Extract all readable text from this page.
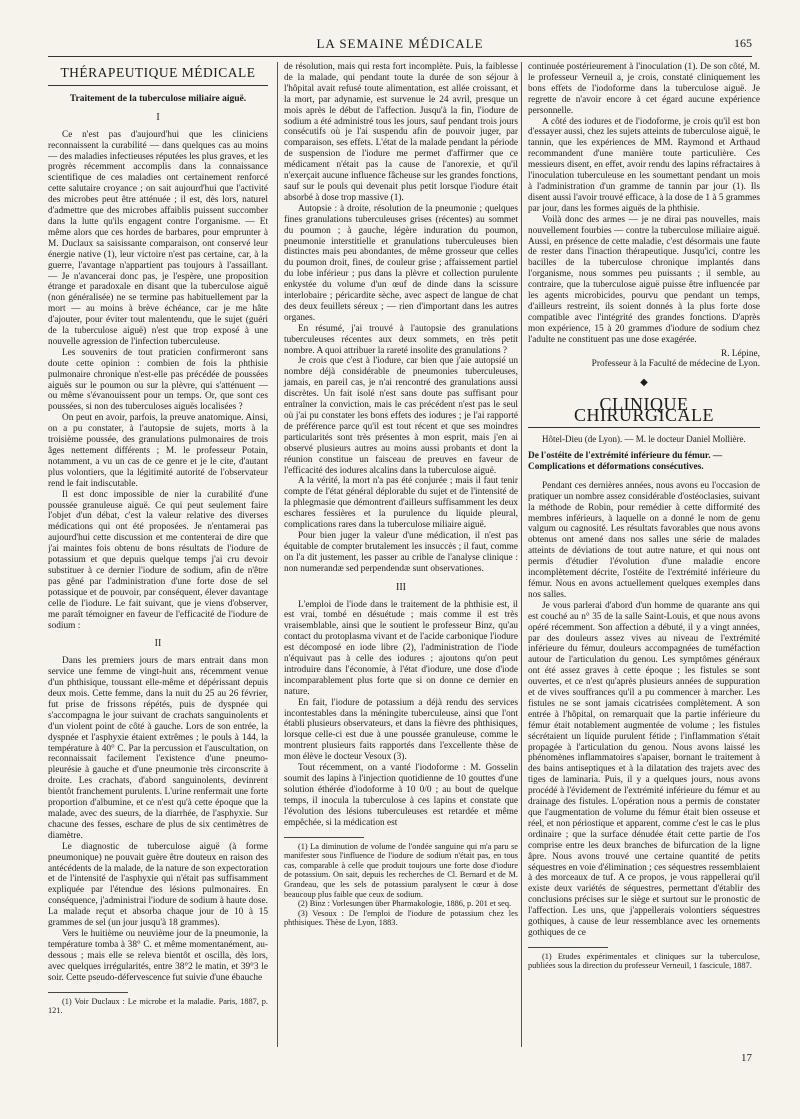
LA SEMAINE MÉDICALE	165
THÉRAPEUTIQUE MÉDICALE
Traitement de la tuberculose miliaire aiguë.
I

Ce n'est pas d'aujourd'hui que les cliniciens reconnaissent la curabilité — dans quelques cas au moins — des maladies infectieuses réputées les plus graves, et les progrès récemment accomplis dans la connaissance scientifique de ces maladies ont certainement renforcé cette salutaire croyance ; on sait aujourd'hui que l'activité des microbes peut être atténuée ; il est, dès lors, naturel d'admettre que des microbes affaiblis puissent succomber dans la lutte qu'ils engagent contre l'organisme. — Et même alors que ces hordes de barbares, pour emprunter à M. Duclaux sa saisissante comparaison, ont conservé leur énergie native (1), leur victoire n'est pas certaine, car, à la guerre, l'avantage n'appartient pas toujours à l'assaillant. — Je n'avancerai donc pas, je l'espère, une proposition étrange et paradoxale en disant que la tuberculose aiguë (non généralisée) ne se termine pas habituellement par la mort — au moins à brève échéance, car je me hâte d'ajouter, pour éviter tout malentendu, que le sujet (guéri de la tuberculose aiguë) n'est que trop exposé à une nouvelle agression de l'infection tuberculeuse.

Les souvenirs de tout praticien confirmeront sans doute cette opinion : combien de fois la phthisie pulmonaire chronique n'est-elle pas précédée de poussées aiguës sur le poumon ou sur la plèvre, qui s'atténuent — ou même s'évanouissent pour un temps. Or, que sont ces poussées, si non des tuberculoses aiguës localisées ?

On peut en avoir, parfois, la preuve anatomique. Ainsi, on a pu constater, à l'autopsie de sujets, morts à la troisième poussée, des granulations pulmonaires de trois âges nettement différents ; M. le professeur Potain, notamment, a vu un cas de ce genre et je le cite, d'autant plus volontiers, que la légitimité autorité de l'observateur rend le fait indiscutable.

Il est donc impossible de nier la curabilité d'une poussée granuleuse aiguë. Ce qui peut seulement faire l'objet d'un débat, c'est la valeur relative des diverses médications qui ont été proposées. Je n'entamerai pas aujourd'hui cette discussion et me contenterai de dire que j'ai maintes fois obtenu de bons résultats de l'iodure de potassium et que depuis quelque temps j'ai cru devoir substituer à ce dernier l'iodure de sodium, afin de n'être pas gêné par l'administration d'une forte dose de sel potassique et de pouvoir, par conséquent, élever davantage celle de l'iodure. Le fait suivant, que je viens d'observer, me paraît témoigner en faveur de l'efficacité de l'iodure de sodium :

II

Dans les premiers jours de mars entrait dans mon service une femme de vingt-huit ans, récemment venue d'un phthisique, toussant elle-même et dépérissant depuis deux mois. Cette femme, dans la nuit du 25 au 26 février, fut prise de frissons répétés, puis de dyspnée qui s'accompagna le jour suivant de crachats sanguinolents et d'un violent point de côté à gauche. Lors de son entrée, la dyspnée et l'asphyxie étaient extrêmes ; le pouls à 144, la température à 40° C. Par la percussion et l'auscultation, on reconnaissait facilement l'existence d'une pneumo-pleurésie à gauche et d'une pneumonie très circonscrite à droite. Les crachats, d'abord sanguinolents, devinrent bientôt franchement purulents. L'urine renfermait une forte proportion d'albumine, et ce n'est qu'à cette époque que la malade, avec des sueurs, de la diarrhée, de l'asphyxie. Sur chacune des fesses, eschare de plus de six centimètres de diamètre.

Le diagnostic de tuberculose aiguë (à forme pneumonique) ne pouvait guère être douteux en raison des antécédents de la malade, de la nature de son expectoration et de l'intensité de l'asphyxie qui n'était pas suffisamment expliquée par l'étendue des lésions pulmonaires. En conséquence, j'administrai l'iodure de sodium à haute dose. La malade reçut et absorba chaque jour de 10 à 15 grammes de sel (un jour jusqu'à 18 grammes).

Vers le huitième ou neuvième jour de la pneumonie, la température tomba à 38° C. et même momentanément, au-dessous ; mais elle se releva bientôt et oscilla, dès lors, avec quelques irrégularités, entre 38°2 le matin, et 39°3 le soir. Cette pseudo-défervescence fut suivie d'une ébauche

(1) Voir Duclaux : Le microbe et la maladie. Paris, 1887, p. 121.

de résolution, mais qui resta fort incomplète. Puis, la faiblesse de la malade, qui pendant toute la durée de son séjour à l'hôpital avait refusé toute alimentation, est allée croissant, et la mort, par adynamie, est survenue le 24 avril, presque un mois après le début de l'affection. Jusqu'à la fin, l'iodure de sodium a été administré tous les jours, sauf pendant trois jours consécutifs où je l'ai suspendu afin de pouvoir juger, par comparaison, ses effets. L'état de la malade pendant la période de suspension de l'iodure me permet d'affirmer que ce médicament n'était pas la cause de l'anorexie, et qu'il n'exerçait aucune influence fâcheuse sur les grandes fonctions, sauf sur le pouls qui devenait plus petit lorsque l'iodure était absorbé à dose trop massive (1).

Autopsie : à droite, résolution de la pneumonie ; quelques fines granulations tuberculeuses grises (récentes) au sommet du poumon ; à gauche, légère induration du poumon, pneumonie interstitielle et granulations tuberculeuses bien distinctes mais peu abondantes, de même grosseur que celles du poumon droit, fines, de couleur grise ; affaissement partiel du lobe inférieur ; pus dans la plèvre et collection purulente enkystée du volume d'un œuf de dinde dans la scissure interlobaire ; péricardite sèche, avec aspect de langue de chat des deux feuillets séreux ; — rien d'important dans les autres organes.

En résumé, j'ai trouvé à l'autopsie des granulations tuberculeuses récentes aux deux sommets, en très petit nombre. A quoi attribuer la rareté insolite des granulations ?

Je crois que c'est à l'iodure, car bien que j'aie autopsié un nombre déjà considérable de pneumonies tuberculeuses, jamais, en pareil cas, je n'ai rencontré des granulations aussi discrètes. Un fait isolé n'est sans doute pas suffisant pour entraîner la conviction, mais le cas précédent n'est pas le seul où j'ai pu constater les bons effets des iodures ; je l'ai rapporté de préférence parce qu'il est tout récent et que ses moindres particularités sont très présentes à mon esprit, mais j'en ai observé plusieurs autres au moins aussi probants et dont la réunion constitue un faisceau de preuves en faveur de l'efficacité des iodures alcalins dans la tuberculose aiguë.

A la vérité, la mort n'a pas été conjurée ; mais il faut tenir compte de l'état général déplorable du sujet et de l'intensité de la phlegmasie que démontrent d'ailleurs suffisamment les deux eschares fessières et la purulence du liquide pleural, complications rares dans la tuberculose miliaire aiguë.

Pour bien juger la valeur d'une médication, il n'est pas équitable de compter brutalement les insuccès ; il faut, comme on l'a dit justement, les passer au crible de l'analyse clinique : non numerandæ sed perpendendæ sunt observationes.

III

L'emploi de l'iode dans le traitement de la phthisie est, il est vrai, tombé en désuétude ; mais comme il est très vraisemblable, ainsi que le soutient le professeur Binz, qu'au contact du protoplasma vivant et de l'acide carbonique l'iodure est décomposé en iode libre (2), l'administration de l'iode n'équivaut pas à celle des iodures ; ajoutons qu'on peut introduire dans l'économie, à l'état d'iodure, une dose d'iode incomparablement plus forte que si on donne ce dernier en nature.

En fait, l'iodure de potassium a déjà rendu des services incontestables dans la méningite tuberculeuse, ainsi que l'ont établi plusieurs observateurs, et dans la fièvre des phthisiques, lorsque celle-ci est due à une poussée granuleuse, comme le montrent plusieurs faits rapportés dans l'excellente thèse de mon élève le docteur Vesoux (3).

Tout récemment, on a vanté l'iodoforme : M. Gosselin soumit des lapins à l'injection quotidienne de 10 gouttes d'une solution éthérée d'iodoforme à 10 0/0 ; au bout de quelque temps, il inocula la tuberculose à ces lapins et constate que l'évolution des lésions tuberculeuses est retardée et même empêchée, si la médication est

(1) La diminution de volume de l'ondée sanguine qui m'a paru se manifester sous l'influence de l'iodure de sodium n'était pas, en tous cas, comparable à celle que produit toujours une forte dose d'iodure de potassium. On sait, depuis les recherches de Cl. Bernard et de M. Grandeau, que les sels de potassium paralysent le cœur à dose beaucoup plus faible que ceux de sodium.

(2) Binz : Vorlesungen über Pharmakologie, 1886, p. 201 et seq.

(3) Vesoux : De l'emploi de l'iodure de potassium chez les phthisiques. Thèse de Lyon, 1883.

continuée postérieurement à l'inoculation (1). De son côté, M. le professeur Verneuil a, je crois, constaté cliniquement les bons effets de l'iodoforme dans la tuberculose aiguë. Je regrette de n'avoir encore à cet égard aucune expérience personnelle.

A côté des iodures et de l'iodoforme, je crois qu'il est bon d'essayer aussi, chez les sujets atteints de tuberculose aiguë, le tannin, que les expériences de MM. Raymond et Arthaud recommandent d'une manière toute particulière. Ces messieurs disent, en effet, avoir rendu des lapins réfractaires à l'inoculation tuberculeuse en les soumettant pendant un mois à l'administration d'un gramme de tannin par jour (1). Ils disent aussi l'avoir trouvé efficace, à la dose de 1 à 5 grammes par jour, dans les formes aiguës de la phthisie.

Voilà donc des armes — je ne dirai pas nouvelles, mais nouvellement fourbies — contre la tuberculose miliaire aiguë. Aussi, en présence de cette maladie, c'est désormais une faute de rester dans l'inaction thérapeutique. Jusqu'ici, contre les bacilles de la tuberculose chronique implantés dans l'organisme, nous sommes peu puissants ; il semble, au contraire, que la tuberculose aiguë puisse être influencée par les agents microbicides, pourvu que pendant un temps, d'ailleurs restreint, ils soient donnés à la plus forte dose compatible avec l'intégrité des grandes fonctions. D'après mon expérience, 15 à 20 grammes d'iodure de sodium chez l'adulte ne constituent pas une dose exagérée.

R. Lépine,
Professeur à la Faculté de médecine de Lyon.
◆
CLINIQUE CHIRURGICALE

Hôtel-Dieu (de Lyon). — M. le docteur Daniel Mollière.

De l'ostéite de l'extrémité inférieure du fémur. — Complications et déformations consécutives.

Pendant ces dernières années, nous avons eu l'occasion de pratiquer un nombre assez considérable d'ostéoclasies, suivant la méthode de Robin, pour remédier à cette difformité des membres inférieurs, à laquelle on a donné le nom de genu valgum ou cagnosité. Les résultats favorables que nous avons obtenus ont amené dans nos salles une série de malades atteints de déviations de tout autre nature, et qui nous ont permis d'étudier l'évolution d'une maladie encore incomplètement décrite, l'ostéite de l'extrémité inférieure du fémur. Nous en avons actuellement quelques exemples dans nos salles.

Je vous parlerai d'abord d'un homme de quarante ans qui est couché au n° 35 de la salle Saint-Louis, et que nous avons opéré récemment. Son affection a débuté, il y a vingt années, par des douleurs assez vives au niveau de l'extrémité inférieure du fémur, douleurs accompagnées de tuméfaction autour de l'articulation du genou. Les symptômes généraux ont été assez graves à cette époque ; les fistules se sont ouvertes, et ce n'est qu'après plusieurs années de suppuration et de vives souffrances qu'il a pu commencer à marcher. Les fistules ne se sont jamais cicatrisées complètement. A son entrée à l'hôpital, on remarquait que la partie inférieure du fémur était notablement augmentée de volume ; les fistules sécrétaient un liquide purulent fétide ; l'inflammation s'était propagée à l'articulation du genou. Nous avons laissé les phénomènes inflammatoires s'apaiser, bornant le traitement à des bains antiseptiques et à la dilatation des trajets avec des tiges de laminaria. Puis, il y a quelques jours, nous avons procédé à l'évidement de l'extrémité inférieure du fémur et au drainage des fistules. L'opération nous a permis de constater que l'augmentation de volume du fémur était bien osseuse et réel, et non périostique et apparent, comme c'est le cas le plus ordinaire ; que la surface dénudée était cette partie de l'os comprise entre les deux branches de bifurcation de la ligne âpre. Nous avons trouvé une certaine quantité de petits séquestres en voie d'élimination ; ces séquestres ressemblaient à des morceaux de tuf. A ce propos, je vous rappellerai qu'il existe deux variétés de séquestres, permettant d'établir des conclusions précises sur le siège et surtout sur le pronostic de l'affection. Les uns, que j'appellerais volontiers séquestres gothiques, à cause de leur ressemblance avec les ornements gothiques de ce

(1) Etudes expérimentales et cliniques sur la tuberculose, publiées sous la direction du professeur Verneuil, 1 fascicule, 1887.

17
